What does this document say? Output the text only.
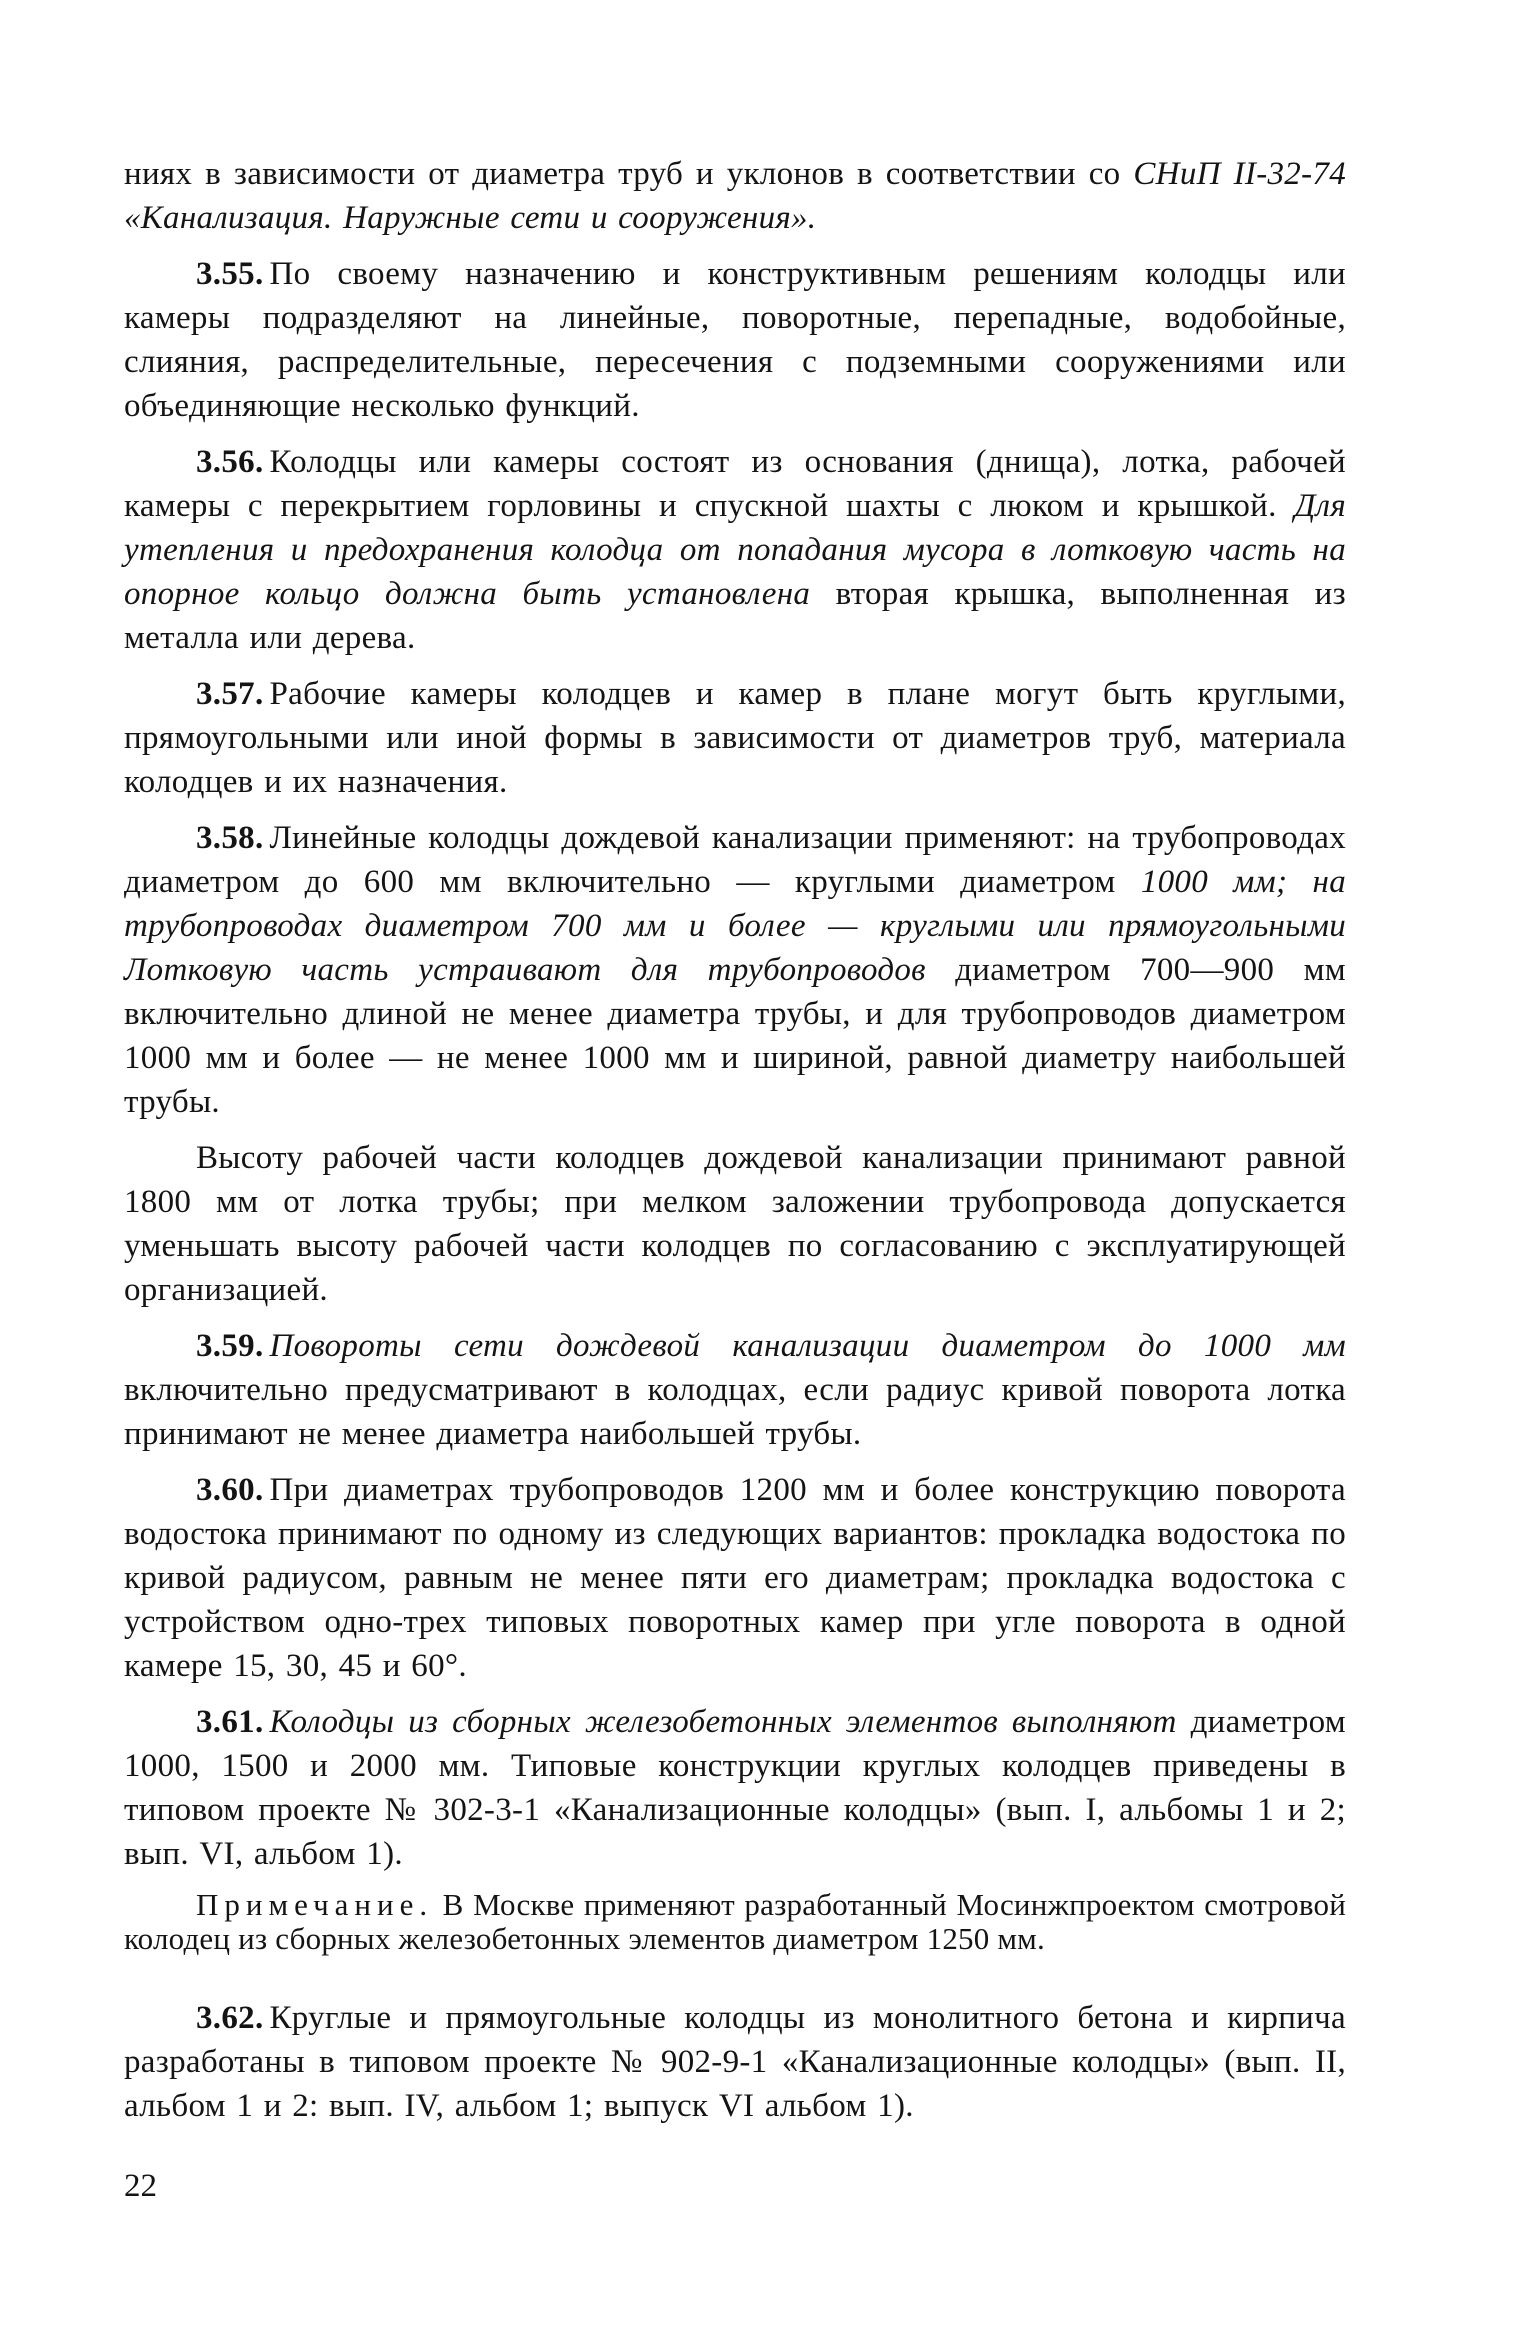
ниях в зависимости от диаметра труб и уклонов в соответствии со СНиП II-32-74 «Канализация. Наружные сети и сооружения».

3.55. По своему назначению и конструктивным решениям колодцы или камеры подразделяют на линейные, поворотные, перепадные, водобойные, слияния, распределительные, пересечения с подземными сооружениями или объединяющие несколько функций.

3.56. Колодцы или камеры состоят из основания (днища), лотка, рабочей камеры с перекрытием горловины и спускной шахты с люком и крышкой. Для утепления и предохранения колодца от попадания мусора в лотковую часть на опорное кольцо должна быть установлена вторая крышка, выполненная из металла или дерева.

3.57. Рабочие камеры колодцев и камер в плане могут быть круглыми, прямоугольными или иной формы в зависимости от диаметров труб, материала колодцев и их назначения.

3.58. Линейные колодцы дождевой канализации применяют: на трубопроводах диаметром до 600 мм включительно — круглыми диаметром 1000 мм; на трубопроводах диаметром 700 мм и более — круглыми или прямоугольными Лотковую часть устраивают для трубопроводов диаметром 700—900 мм включительно длиной не менее диаметра трубы, и для трубопроводов диаметром 1000 мм и более — не менее 1000 мм и шириной, равной диаметру наибольшей трубы.

Высоту рабочей части колодцев дождевой канализации принимают равной 1800 мм от лотка трубы; при мелком заложении трубопровода допускается уменьшать высоту рабочей части колодцев по согласованию с эксплуатирующей организацией.

3.59. Повороты сети дождевой канализации диаметром до 1000 мм включительно предусматривают в колодцах, если радиус кривой поворота лотка принимают не менее диаметра наибольшей трубы.

3.60. При диаметрах трубопроводов 1200 мм и более конструкцию поворота водостока принимают по одному из следующих вариантов: прокладка водостока по кривой радиусом, равным не менее пяти его диаметрам; прокладка водостока с устройством одно-трех типовых поворотных камер при угле поворота в одной камере 15, 30, 45 и 60°.

3.61. Колодцы из сборных железобетонных элементов выполняют диаметром 1000, 1500 и 2000 мм. Типовые конструкции круглых колодцев приведены в типовом проекте № 302-3-1 «Канализационные колодцы» (вып. I, альбомы 1 и 2; вып. VI, альбом 1).

Примечание. В Москве применяют разработанный Мосинжпроектом смотровой колодец из сборных железобетонных элементов диаметром 1250 мм.

3.62. Круглые и прямоугольные колодцы из монолитного бетона и кирпича разработаны в типовом проекте № 902-9-1 «Канализационные колодцы» (вып. II, альбом 1 и 2: вып. IV, альбом 1; выпуск VI альбом 1).

22
